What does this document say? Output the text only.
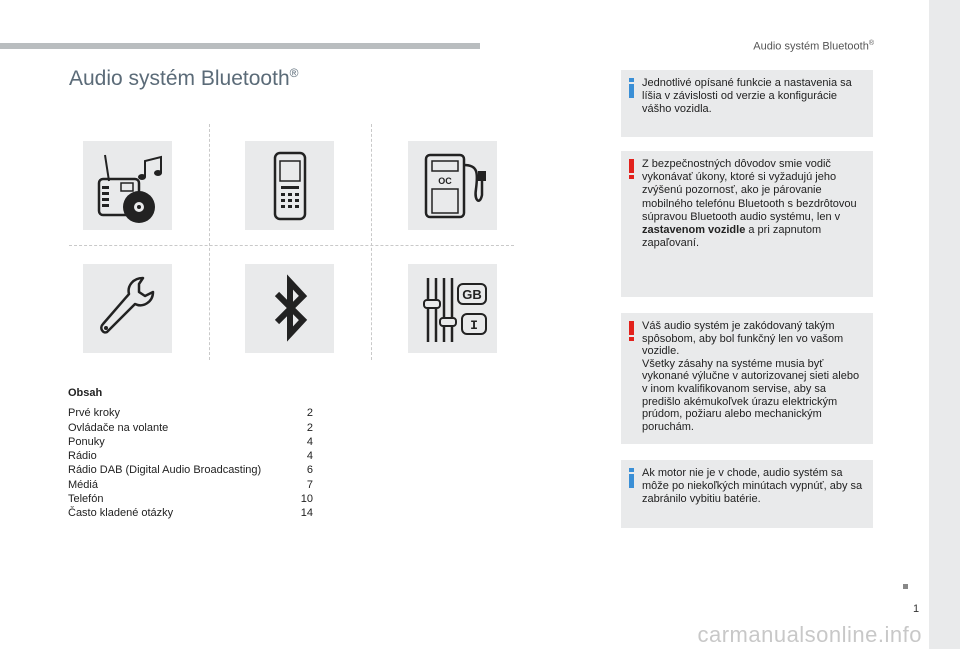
Audio systém Bluetooth®
1
carmanualsonline.info
Audio systém Bluetooth®
OC
GB
I
Obsah
Prvé kroky	2
Ovládače na volante	2
Ponuky	4
Rádio	4
Rádio DAB (Digital Audio Broadcasting)	6
Médiá	7
Telefón	10
Často kladené otázky	14
Jednotlivé opísané funkcie a nastavenia sa líšia v závislosti od verzie a konfigurácie vášho vozidla.
Z bezpečnostných dôvodov smie vodič vykonávať úkony, ktoré si vyžadujú jeho zvýšenú pozornosť, ako je párovanie mobilného telefónu Bluetooth s bezdrôtovou súpravou Bluetooth audio systému, len v zastavenom vozidle a pri zapnutom zapaľovaní.

Váš audio systém je zakódovaný takým spôsobom, aby bol funkčný len vo vašom vozidle.

Všetky zásahy na systéme musia byť vykonané výlučne v autorizovanej sieti alebo v inom kvalifikovanom servise, aby sa predišlo akémukoľvek úrazu elektrickým prúdom, požiaru alebo mechanickým poruchám.

Ak motor nie je v chode, audio systém sa môže po niekoľkých minútach vypnúť, aby sa zabránilo vybitiu batérie.
